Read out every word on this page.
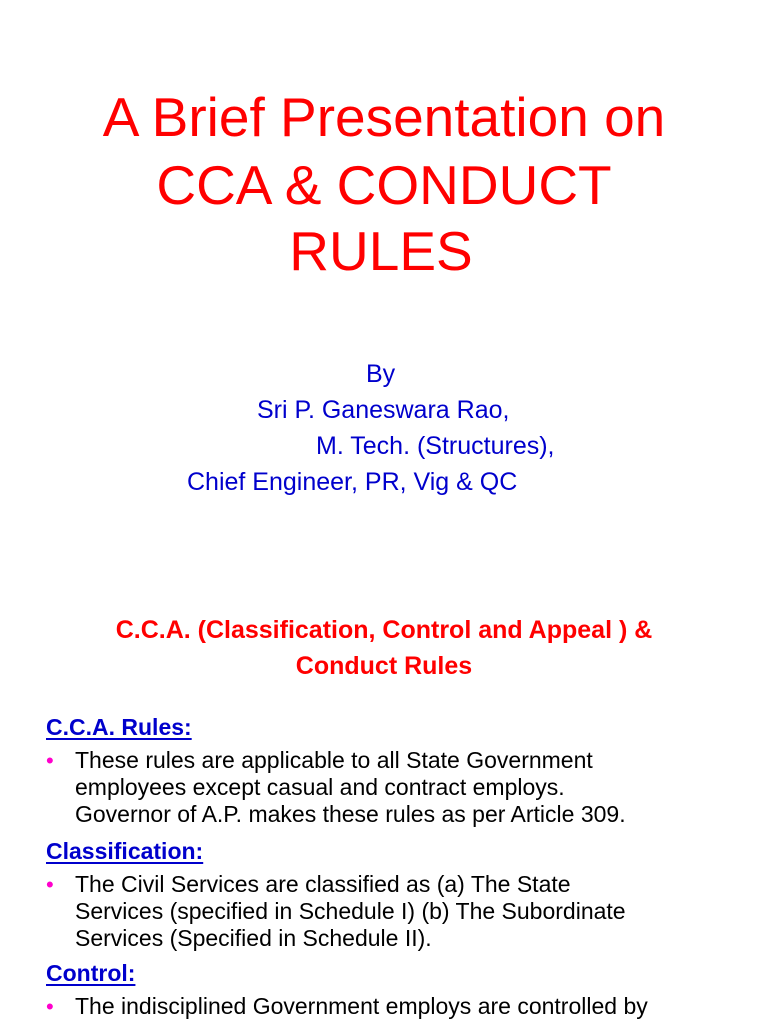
A Brief Presentation on
CCA & CONDUCT
RULES
By
Sri P. Ganeswara Rao,
M. Tech. (Structures),
Chief Engineer, PR, Vig & QC
C.C.A. (Classification, Control and Appeal ) &
Conduct Rules
C.C.A. Rules:
• These rules are applicable to all State Government
employees except casual and contract employs.
Governor of A.P. makes these rules as per Article 309.
Classification:
• The Civil Services are classified as (a) The State
Services (specified in Schedule I) (b) The Subordinate
Services (Specified in Schedule II).
Control:
• The indisciplined Government employs are controlled by
